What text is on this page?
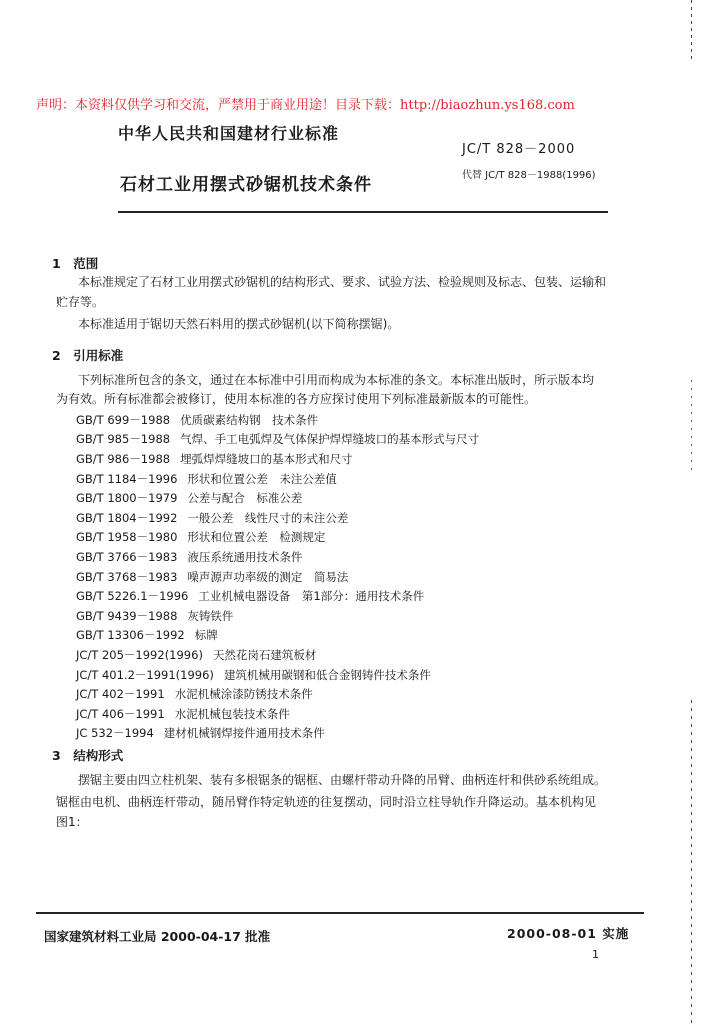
声明：本资料仅供学习和交流，严禁用于商业用途！目录下载：http://biaozhun.ys168.com
中华人民共和国建材行业标准
JC/T 828－2000
石材工业用摆式砂锯机技术条件	代替 JC/T 828－1988(1996)
1　范围
本标准规定了石材工业用摆式砂锯机的结构形式、要求、试验方法、检验规则及标志、包装、运输和
贮存等。
本标准适用于锯切天然石料用的摆式砂锯机(以下简称摆锯)。
2　引用标准
下列标准所包含的条文，通过在本标准中引用而构成为本标准的条文。本标准出版时，所示版本均
为有效。所有标准都会被修订，使用本标准的各方应探讨使用下列标准最新版本的可能性。
GB/T 699－1988 优质碳素结构钢　技术条件
GB/T 985－1988 气焊、手工电弧焊及气体保护焊焊缝坡口的基本形式与尺寸
GB/T 986－1988 埋弧焊焊缝坡口的基本形式和尺寸
GB/T 1184－1996 形状和位置公差　未注公差值
GB/T 1800－1979 公差与配合　标准公差
GB/T 1804－1992 一般公差　线性尺寸的未注公差
GB/T 1958－1980 形状和位置公差　检测规定
GB/T 3766－1983 液压系统通用技术条件
GB/T 3768－1983 噪声源声功率级的测定　简易法
GB/T 5226.1－1996 工业机械电器设备　第1部分：通用技术条件
GB/T 9439－1988 灰铸铁件
GB/T 13306－1992 标牌
JC/T 205－1992(1996) 天然花岗石建筑板材
JC/T 401.2－1991(1996) 建筑机械用碳钢和低合金钢铸件技术条件
JC/T 402－1991 水泥机械涂漆防锈技术条件
JC/T 406－1991 水泥机械包装技术条件
JC 532－1994 建材机械钢焊接件通用技术条件
3　结构形式
摆锯主要由四立柱机架、装有多根锯条的锯框、由螺杆带动升降的吊臂、曲柄连杆和供砂系统组成。
锯框由电机、曲柄连杆带动，随吊臂作特定轨迹的往复摆动，同时沿立柱导轨作升降运动。基本机构见
图1：
国家建筑材料工业局 2000-04-17 批准	2000-08-01 实施
1
